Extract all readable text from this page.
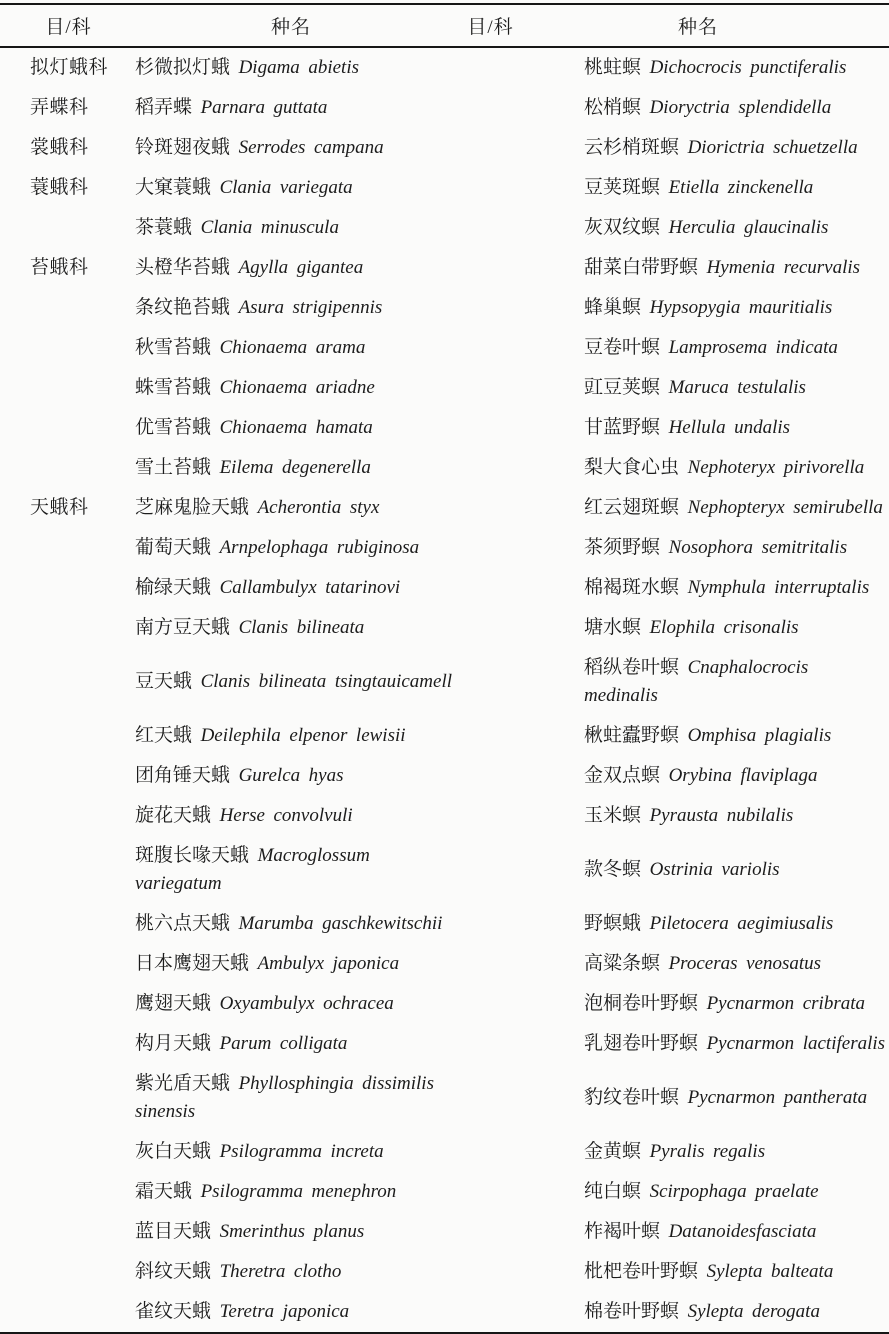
目/科	种名	目/科	种名
拟灯蛾科	杉微拟灯蛾 Digama abietis		桃蛀螟 Dichocrocis punctiferalis
弄蝶科	稻弄蝶 Parnara guttata		松梢螟 Dioryctria splendidella
裳蛾科	铃斑翅夜蛾 Serrodes campana		云杉梢斑螟 Diorictria schuetzella
蓑蛾科	大窠蓑蛾 Clania variegata		豆荚斑螟 Etiella zinckenella
	茶蓑蛾 Clania minuscula		灰双纹螟 Herculia glaucinalis
苔蛾科	头橙华苔蛾 Agylla gigantea		甜菜白带野螟 Hymenia recurvalis
	条纹艳苔蛾 Asura strigipennis		蜂巢螟 Hypsopygia mauritialis
	秋雪苔蛾 Chionaema arama		豆卷叶螟 Lamprosema indicata
	蛛雪苔蛾 Chionaema ariadne		豇豆荚螟 Maruca testulalis
	优雪苔蛾 Chionaema hamata		甘蓝野螟 Hellula undalis
	雪土苔蛾 Eilema degenerella		梨大食心虫 Nephoteryx pirivorella
天蛾科	芝麻鬼脸天蛾 Acherontia styx		红云翅斑螟 Nephopteryx semirubella
	葡萄天蛾 Arnpelophaga rubiginosa		茶须野螟 Nosophora semitritalis
	榆绿天蛾 Callambulyx tatarinovi		棉褐斑水螟 Nymphula interruptalis
	南方豆天蛾 Clanis bilineata		塘水螟 Elophila crisonalis
	豆天蛾 Clanis bilineata tsingtauicamell		稻纵卷叶螟 Cnaphalocrocis medinalis
	红天蛾 Deilephila elpenor lewisii		楸蛀蠹野螟 Omphisa plagialis
	团角锤天蛾 Gurelca hyas		金双点螟 Orybina flaviplaga
	旋花天蛾 Herse convolvuli		玉米螟 Pyrausta nubilalis
	斑腹长喙天蛾 Macroglossum variegatum		款冬螟 Ostrinia variolis
	桃六点天蛾 Marumba gaschkewitschii		野螟蛾 Piletocera aegimiusalis
	日本鹰翅天蛾 Ambulyx japonica		高粱条螟 Proceras venosatus
	鹰翅天蛾 Oxyambulyx ochracea		泡桐卷叶野螟 Pycnarmon cribrata
	构月天蛾 Parum colligata		乳翅卷叶野螟 Pycnarmon lactiferalis
	紫光盾天蛾 Phyllosphingia dissimilis sinensis		豹纹卷叶螟 Pycnarmon pantherata
	灰白天蛾 Psilogramma increta		金黄螟 Pyralis regalis
	霜天蛾 Psilogramma menephron		纯白螟 Scirpophaga praelate
	蓝目天蛾 Smerinthus planus		柞褐叶螟 Datanoidesfasciata
	斜纹天蛾 Theretra clotho		枇杷卷叶野螟 Sylepta balteata
	雀纹天蛾 Teretra japonica		棉卷叶野螟 Sylepta derogata
